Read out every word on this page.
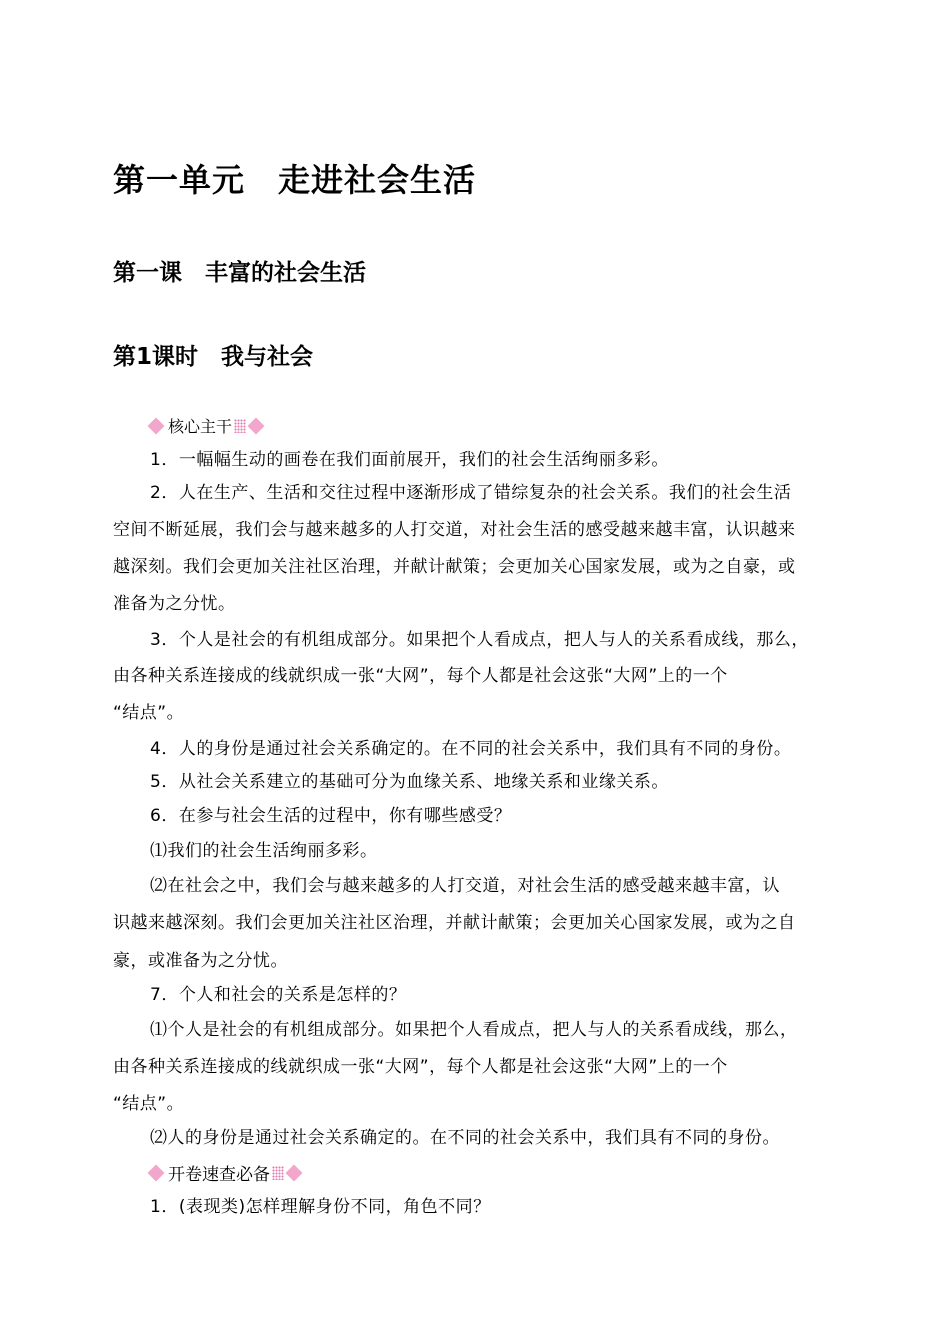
第一单元　走进社会生活
第一课　丰富的社会生活
第1课时　我与社会
核心主干
1．一幅幅生动的画卷在我们面前展开，我们的社会生活绚丽多彩。
2．人在生产、生活和交往过程中逐渐形成了错综复杂的社会关系。我们的社会生活
空间不断延展，我们会与越来越多的人打交道，对社会生活的感受越来越丰富，认识越来
越深刻。我们会更加关注社区治理，并献计献策；会更加关心国家发展，或为之自豪，或
准备为之分忧。
3．个人是社会的有机组成部分。如果把个人看成点，把人与人的关系看成线，那么，
由各种关系连接成的线就织成一张“大网”，每个人都是社会这张“大网”上的一个
“结点”。
4．人的身份是通过社会关系确定的。在不同的社会关系中，我们具有不同的身份。
5．从社会关系建立的基础可分为血缘关系、地缘关系和业缘关系。
6．在参与社会生活的过程中，你有哪些感受？
⑴我们的社会生活绚丽多彩。
⑵在社会之中，我们会与越来越多的人打交道，对社会生活的感受越来越丰富，认
识越来越深刻。我们会更加关注社区治理，并献计献策；会更加关心国家发展，或为之自
豪，或准备为之分忧。
7．个人和社会的关系是怎样的？
⑴个人是社会的有机组成部分。如果把个人看成点，把人与人的关系看成线，那么，
由各种关系连接成的线就织成一张“大网”，每个人都是社会这张“大网”上的一个
“结点”。
⑵人的身份是通过社会关系确定的。在不同的社会关系中，我们具有不同的身份。
开卷速查必备
1．(表现类)怎样理解身份不同，角色不同？
